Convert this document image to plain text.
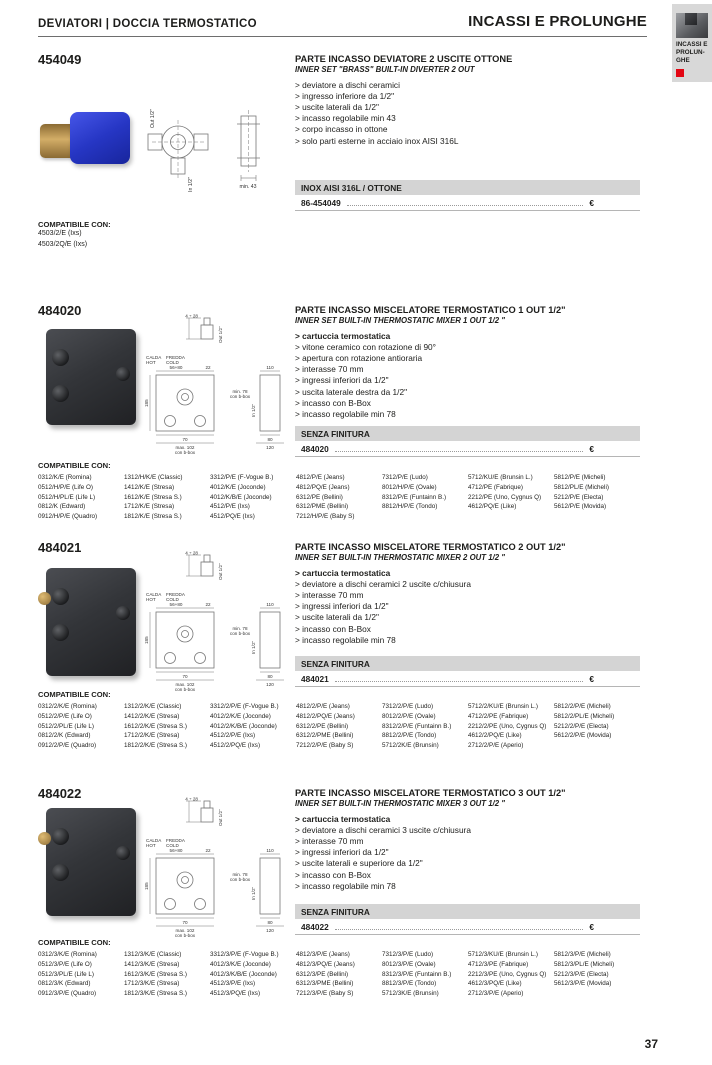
DEVIATORI | DOCCIA TERMOSTATICO	INCASSI E PROLUNGHE
INCASSI E
PROLUN-
GHE
454049
Out 1/2"
In 1/2"	min. 43
PARTE INCASSO DEVIATORE 2 USCITE OTTONE
INNER SET "BRASS" BUILT-IN DIVERTER 2 OUT
> deviatore a dischi ceramici
> ingresso inferiore da 1/2"
> uscite laterali da 1/2"
> incasso regolabile min 43
> corpo incasso in ottone
> solo parti esterne in acciaio inox AISI 316L
INOX AISI 316L / OTTONE
86-454049	€
COMPATIBILE CON:
4503/2/E (Ixs)
4503/2Q/E (Ixs)
484020	4 ÷ 28
Out 1/2"
CALDA
HOT
FREDDA
COLD
56+80	22
185
70
max. 102
con b-box
110
min. 78
con b-box
80
120
In 1/2"
PARTE INCASSO MISCELATORE TERMOSTATICO 1 OUT 1/2"
INNER SET BUILT-IN THERMOSTATIC MIXER 1 OUT 1/2 "
> cartuccia termostatica
> vitone ceramico con rotazione di 90°
> apertura con rotazione antioraria
> interasse 70 mm
> ingressi inferiori da 1/2"
> uscita laterale destra da 1/2"
> incasso con B-Box
> incasso regolabile min 78
SENZA FINITURA
484020	€
COMPATIBILE CON:
0312/K/E (Romina)
0512/H/P/E (Life O)
0512/H/PL/E (Life L)
0812/K (Edward)
0912/H/P/E (Quadro)
1312/H/K/E (Classic)
1412/K/E (Stresa)
1612/K/E (Stresa S.)
1712/K/E (Stresa)
1812/K/E (Stresa S.)
3312/P/E (F-Vogue B.)
4012/K/E (Joconde)
4012/K/B/E (Joconde)
4512/P/E (Ixs)
4512/PQ/E (Ixs)
4812/P/E (Jeans)
4812/PQ/E (Jeans)
6312/PE (Bellini)
6312/PME (Bellini)
7212/H/P/E (Baby S)
7312/P/E (Ludo)
8012/H/P/E (Ovale)
8312/P/E (Funtainn B.)
8812/H/P/E (Tondo)
5712/KU/E (Brunsin L.)
4712/PE (Fabrique)
2212/PE (Uno, Cygnus Q)
4612/PQ/E (Like)
5812/P/E (Micheli)
5812/PL/E (Micheli)
5212/P/E (Electa)
5612/P/E (Movida)
484021	4 ÷ 28
Out 1/2"
CALDA
HOT
FREDDA
COLD
56+80	22
185
70
max. 102
con b-box
110
min. 78
con b-box
80
120
In 1/2"
PARTE INCASSO MISCELATORE TERMOSTATICO 2 OUT 1/2"
INNER SET BUILT-IN THERMOSTATIC MIXER 2 OUT 1/2 "
> cartuccia termostatica
> deviatore a dischi ceramici 2 uscite c/chiusura
> interasse 70 mm
> ingressi inferiori da 1/2"
> uscite laterali da 1/2"
> incasso con B-Box
> incasso regolabile min 78
SENZA FINITURA
484021	€
COMPATIBILE CON:
0312/2/K/E (Romina)
0512/2/P/E (Life O)
0512/2/PL/E (Life L)
0812/2/K (Edward)
0912/2/P/E (Quadro)
1312/2/K/E (Classic)
1412/2/K/E (Stresa)
1612/2/K/E (Stresa S.)
1712/2/K/E (Stresa)
1812/2/K/E (Stresa S.)
3312/2/P/E (F-Vogue B.)
4012/2/K/E (Joconde)
4012/2/K/B/E (Joconde)
4512/2/P/E (Ixs)
4512/2/PQ/E (Ixs)
4812/2/P/E (Jeans)
4812/2/PQ/E (Jeans)
6312/2/PE (Bellini)
6312/2/PME (Bellini)
7212/2/P/E (Baby S)
7312/2/P/E (Ludo)
8012/2/P/E (Ovale)
8312/2/P/E (Funtainn B.)
8812/2/P/E (Tondo)
5712/2K/E (Brunsin)
5712/2/KU/E (Brunsin L.)
4712/2/PE (Fabrique)
2212/2/PE (Uno, Cygnus Q)
4612/2/PQ/E (Like)
2712/2/P/E (Aperio)
5812/2/P/E (Micheli)
5812/2/PL/E (Micheli)
5212/2/P/E (Electa)
5612/2/P/E (Movida)
484022	4 ÷ 28
Out 1/2"
CALDA
HOT
FREDDA
COLD
56+80	22
185
70
max. 102
con b-box
110
min. 78
con b-box
80
120
In 1/2"
PARTE INCASSO MISCELATORE TERMOSTATICO 3 OUT 1/2"
INNER SET BUILT-IN THERMOSTATIC MIXER 3 OUT 1/2 "
> cartuccia termostatica
> deviatore a dischi ceramici 3 uscite c/chiusura
> interasse 70 mm
> ingressi inferiori da 1/2"
> uscite laterali e superiore da 1/2"
> incasso con B-Box
> incasso regolabile min 78
SENZA FINITURA
484022	€
COMPATIBILE CON:
0312/3/K/E (Romina)
0512/3/P/E (Life O)
0512/3/PL/E (Life L)
0812/3/K (Edward)
0912/3/P/E (Quadro)
1312/3/K/E (Classic)
1412/3/K/E (Stresa)
1612/3/K/E (Stresa S.)
1712/3/K/E (Stresa)
1812/3/K/E (Stresa S.)
3312/3/P/E (F-Vogue B.)
4012/3/K/E (Joconde)
4012/3/K/B/E (Joconde)
4512/3/P/E (Ixs)
4512/3/PQ/E (Ixs)
4812/3/P/E (Jeans)
4812/3/PQ/E (Jeans)
6312/3/PE (Bellini)
6312/3/PME (Bellini)
7212/3/P/E (Baby S)
7312/3/P/E (Ludo)
8012/3/P/E (Ovale)
8312/3/P/E (Funtainn B.)
8812/3/P/E (Tondo)
5712/3K/E (Brunsin)
5712/3/KU/E (Brunsin L.)
4712/3/PE (Fabrique)
2212/3/PE (Uno, Cygnus Q)
4612/3/PQ/E (Like)
2712/3/P/E (Aperio)
5812/3/P/E (Micheli)
5812/3/PL/E (Micheli)
5212/3/P/E (Electa)
5612/3/P/E (Movida)
37
